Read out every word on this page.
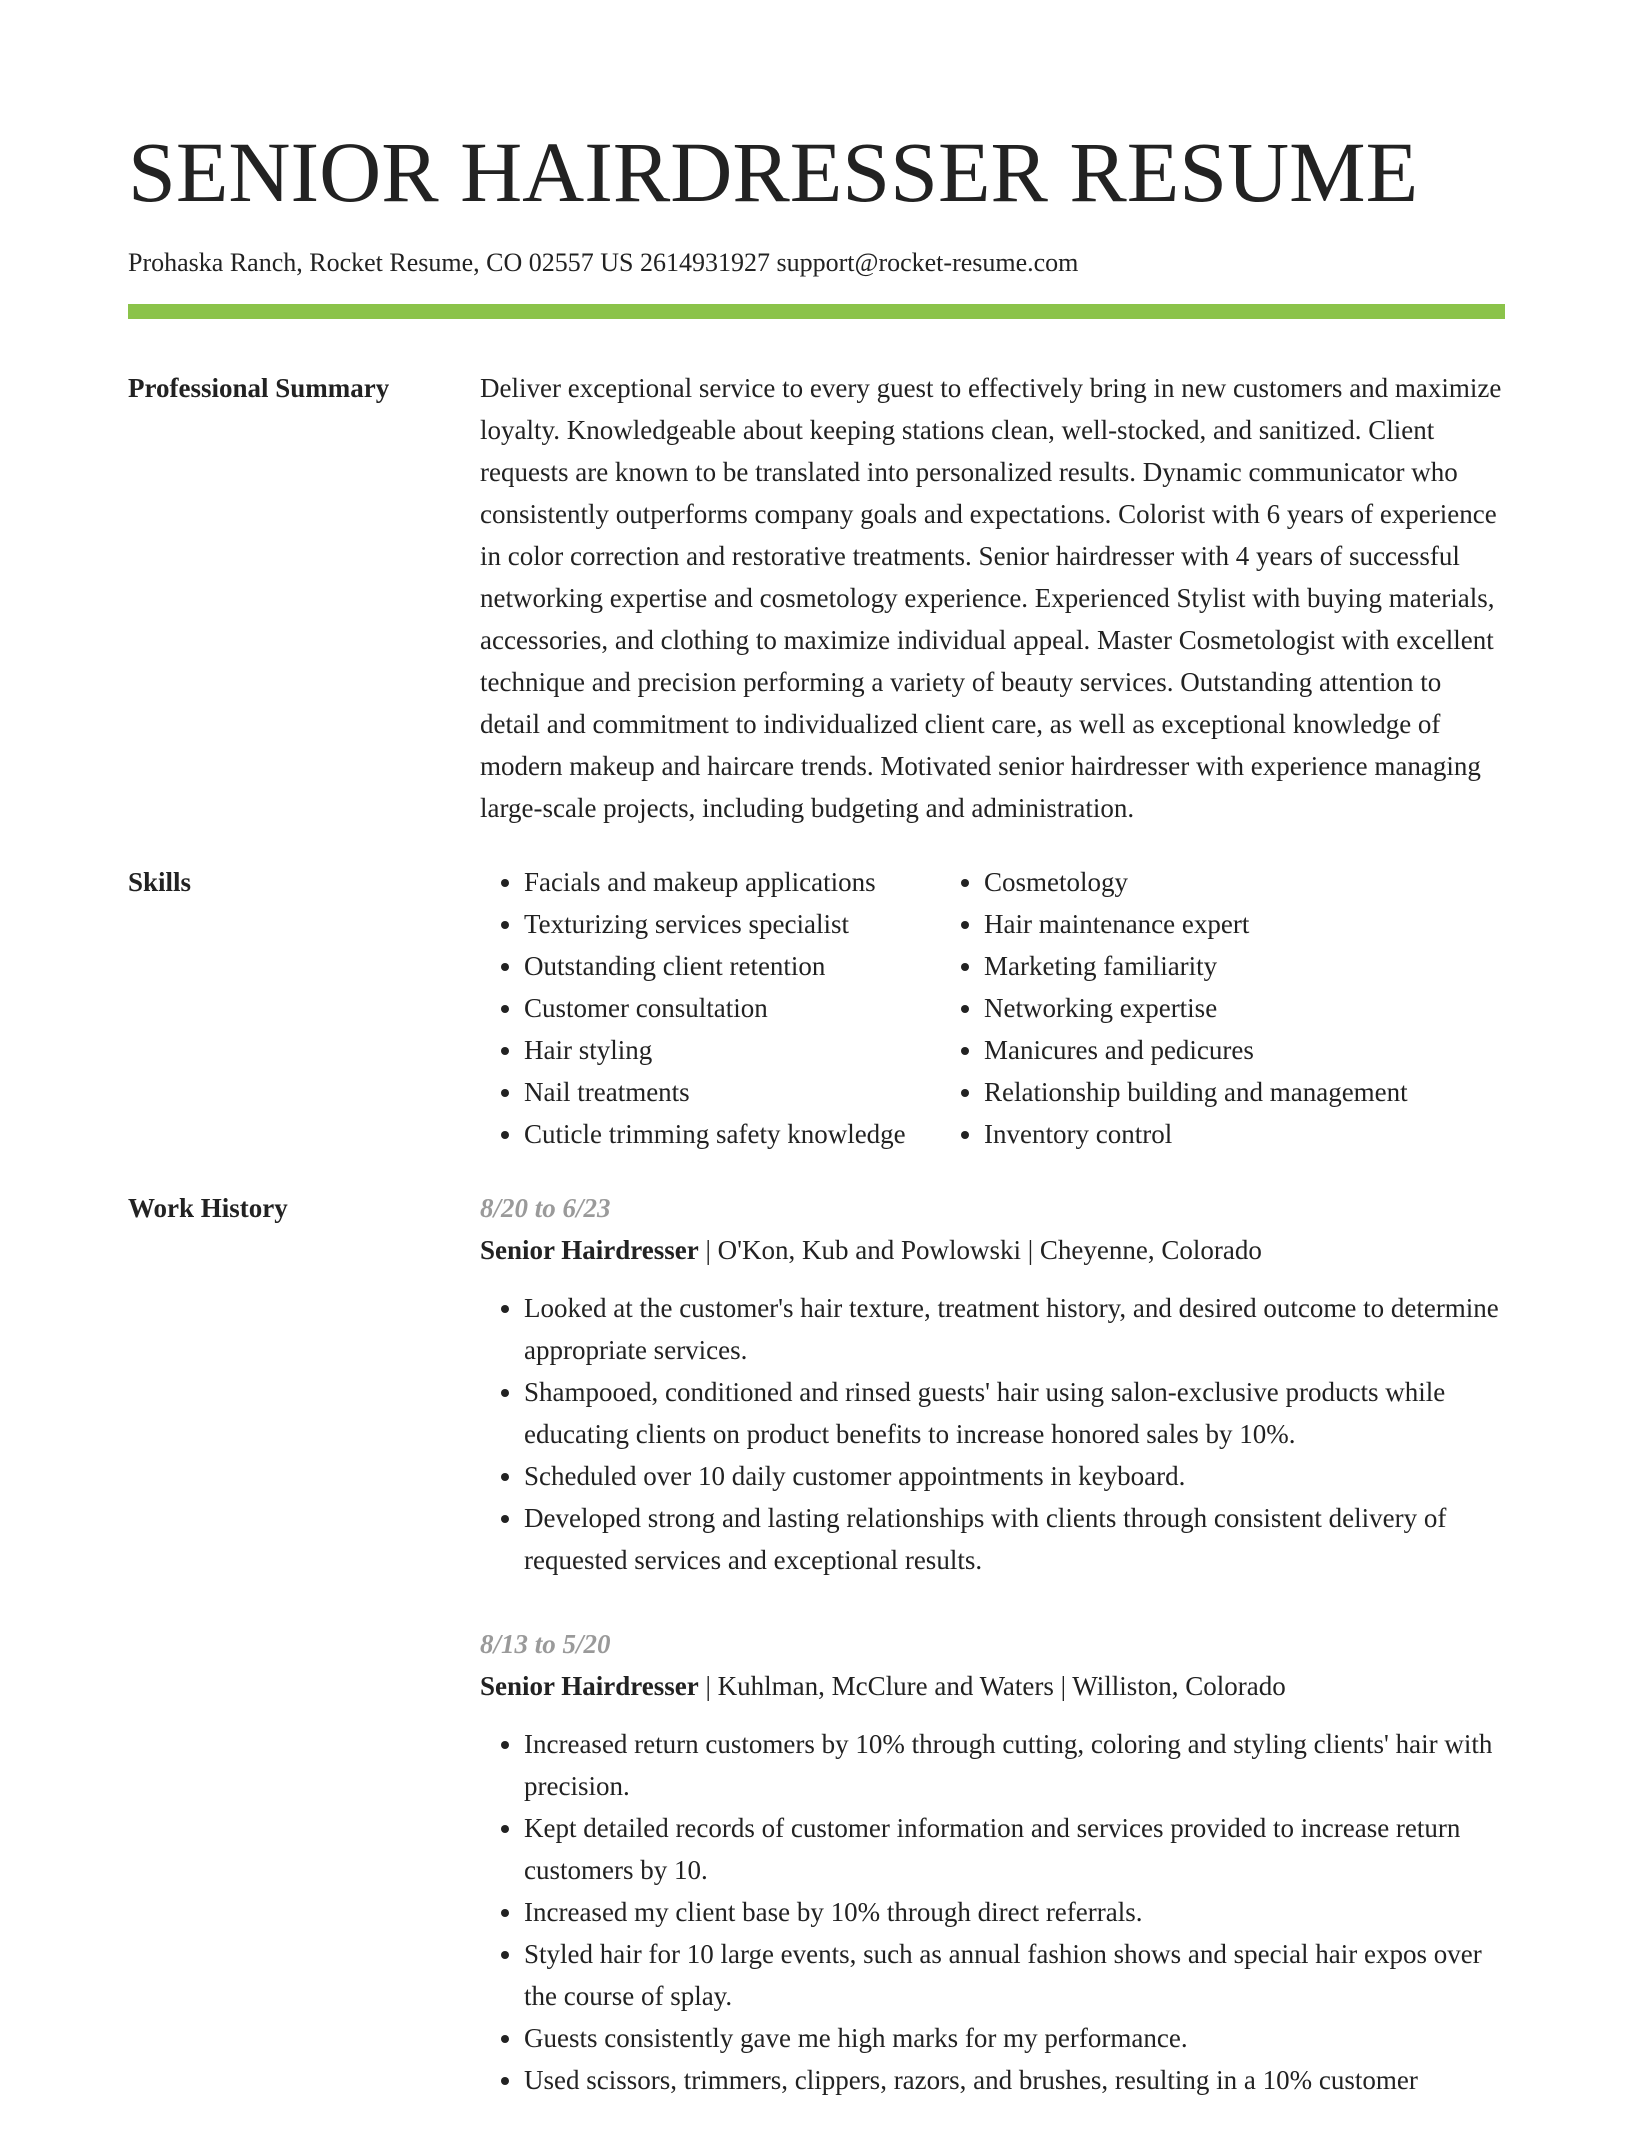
SENIOR HAIRDRESSER RESUME
Prohaska Ranch, Rocket Resume, CO 02557 US 2614931927 support@rocket-resume.com
Professional Summary	Deliver exceptional service to every guest to effectively bring in new customers and maximize loyalty. Knowledgeable about keeping stations clean, well-stocked, and sanitized. Client requests are known to be translated into personalized results. Dynamic communicator who consistently outperforms company goals and expectations. Colorist with 6 years of experience in color correction and restorative treatments. Senior hairdresser with 4 years of successful networking expertise and cosmetology experience. Experienced Stylist with buying materials, accessories, and clothing to maximize individual appeal. Master Cosmetologist with excellent technique and precision performing a variety of beauty services. Outstanding attention to detail and commitment to individualized client care, as well as exceptional knowledge of modern makeup and haircare trends. Motivated senior hairdresser with experience managing large-scale projects, including budgeting and administration.

Skills
•	Facials and makeup applications
• Texturizing services specialist
• Outstanding client retention
• Customer consultation
• Hair styling
• Nail treatments
• Cuticle trimming safety knowledge
• Cosmetology
• Hair maintenance expert
• Marketing familiarity
• Networking expertise
• Manicures and pedicures
• Relationship building and management
• Inventory control
Work History	8/20 to 6/23
Senior Hairdresser | O'Kon, Kub and Powlowski | Cheyenne, Colorado
• Looked at the customer's hair texture, treatment history, and desired outcome to determine appropriate services.
• Shampooed, conditioned and rinsed guests' hair using salon-exclusive products while educating clients on product benefits to increase honored sales by 10%.
• Scheduled over 10 daily customer appointments in keyboard.
• Developed strong and lasting relationships with clients through consistent delivery of requested services and exceptional results.
8/13 to 5/20
Senior Hairdresser | Kuhlman, McClure and Waters | Williston, Colorado
• Increased return customers by 10% through cutting, coloring and styling clients' hair with precision.
• Kept detailed records of customer information and services provided to increase return customers by 10.
• Increased my client base by 10% through direct referrals.
• Styled hair for 10 large events, such as annual fashion shows and special hair expos over the course of splay.
• Guests consistently gave me high marks for my performance.
• Used scissors, trimmers, clippers, razors, and brushes, resulting in a 10% customer
